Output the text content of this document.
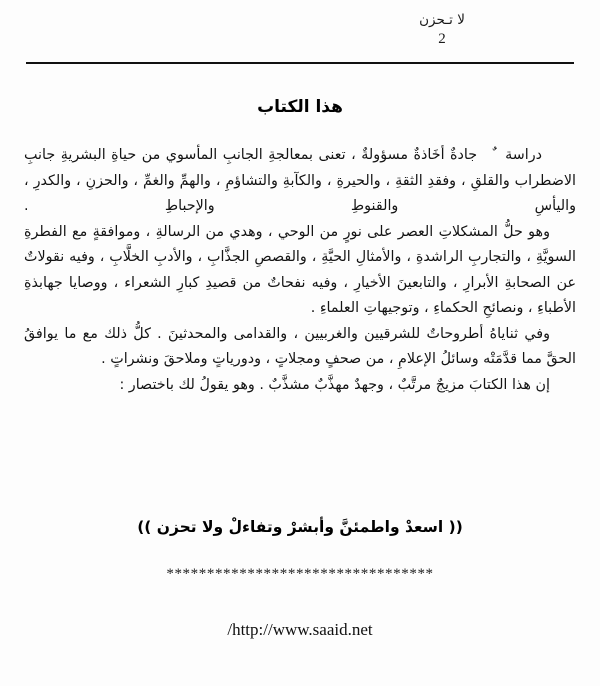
لا تـحزن
2
هذا الكتاب

دراسةجادةٌ أخَاذةٌ مسؤولةٌ ، تعنى بمعالجةِ الجانبِ المأسوي من حياةِ البشريةِ جانبِ الاضطراب والقلقِ ، وفقدِ الثقةِ ، والحيرةِ ، والكآبةِ والتشاؤمِ ، والهمِّ والغمِّ ، والحزنِ ، والكدرِ ، واليأسِ والقنوطِ والإحباطِ .

وهو حلُّ المشكلاتِ العصر على نورٍ من الوحي ، وهدي من الرسالةِ ، وموافقةٍ مع الفطرةِ السويَّةِ ، والتجاربِ الراشدةِ ، والأمثالِ الحيَّةِ ، والقصصِ الجذَّابِ ، والأدبِ الخلَّابِ ، وفيه نقولاتٌ عن الصحابةِ الأبرارِ ، والتابعينَ الأخيارِ ، وفيه نفحاتٌ من قصيدِ كبارِ الشعراء ، ووصايا جهابذةِ الأطباءِ ، ونصائحِ الحكماءِ ، وتوجيهاتِ العلماءِ .

وفي ثناياهُ أطروحاتٌ للشرقيين والغربيين ، والقدامى والمحدثينَ . كلُّ ذلك مع ما يوافقُ الحقَّ مما قدَّمَتْه وسائلُ الإعلامِ ، من صحفٍ ومجلاتٍ ، ودورياتٍ وملاحقَ ونشراتٍ .

إن هذا الكتابَ مزيجٌ مرتَّبٌ ، وجهدٌ مهذَّبٌ مشذَّبٌ . وهو يقولُ لك باختصار :

(( اسعدْ واطمئنَّ وأبشرْ وتفاءلْ ولا تحزن ))
*********************************
/http://www.saaid.net
